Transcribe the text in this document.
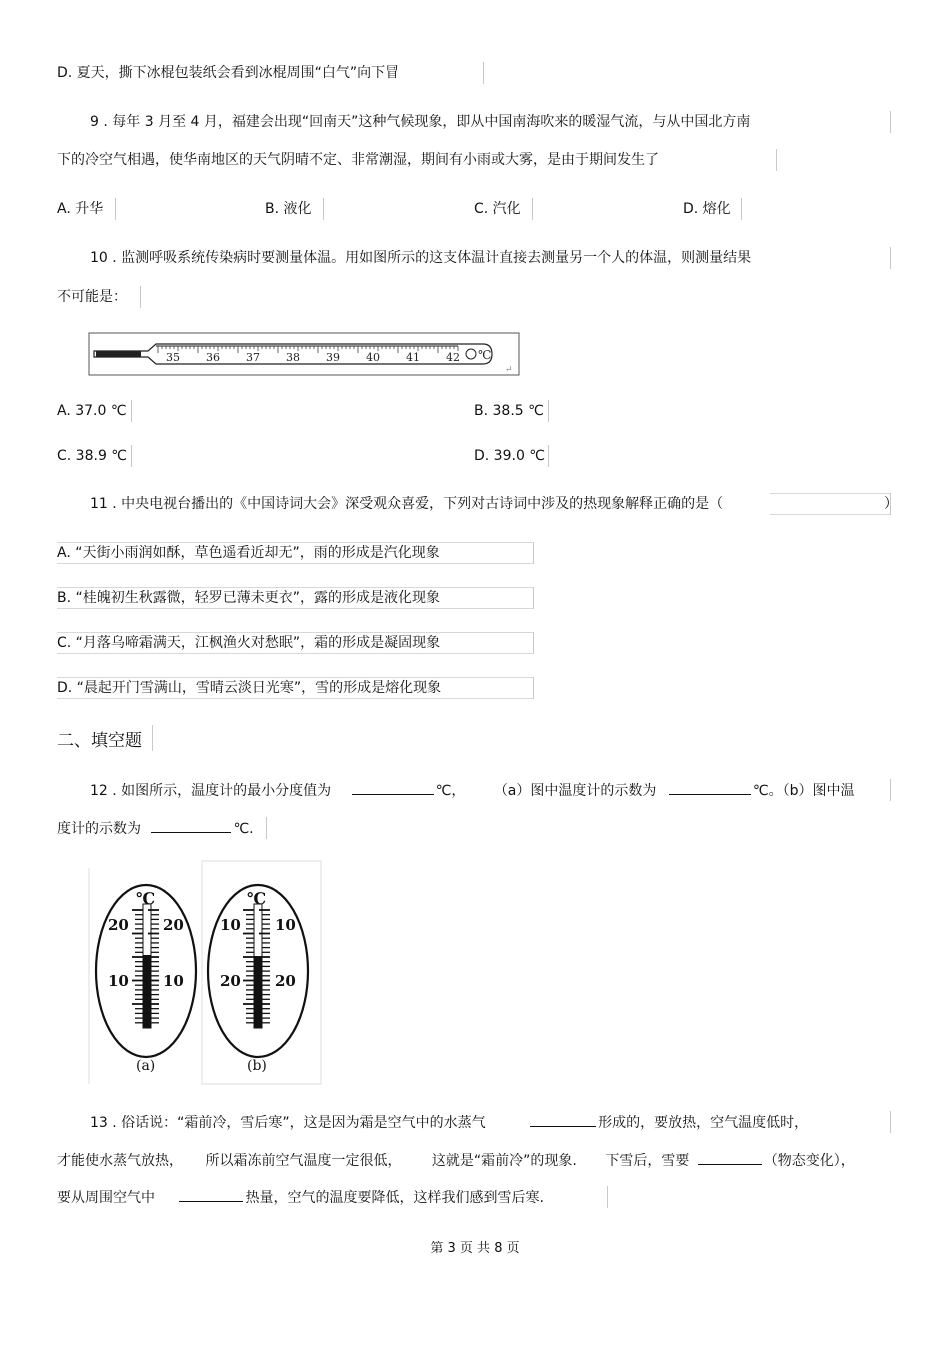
D. 夏天，撕下冰棍包装纸会看到冰棍周围“白气”向下冒
9 . 每年 3 月至 4 月，福建会出现“回南天”这种气候现象，即从中国南海吹来的暖湿气流，与从中国北方南
下的冷空气相遇，使华南地区的天气阴晴不定、非常潮湿，期间有小雨或大雾，是由于期间发生了
A. 升华	B. 液化	C. 汽化	D. 熔化
10 . 监测呼吸系统传染病时要测量体温。用如图所示的这支体温计直接去测量另一个人的体温，则测量结果
不可能是：
35 36 37 38 39 40 41 42 ℃
↵
A. 37.0 ℃	B. 38.5 ℃
C. 38.9 ℃	D. 39.0 ℃
11 . 中央电视台播出的《中国诗词大会》深受观众喜爱，下列对古诗词中涉及的热现象解释正确的是（	）
A. “天街小雨润如酥，草色遥看近却无”，雨的形成是汽化现象
B. “桂魄初生秋露微，轻罗已薄未更衣”，露的形成是液化现象
C. “月落乌啼霜满天，江枫渔火对愁眠”，霜的形成是凝固现象
D. “晨起开门雪满山，雪晴云淡日光寒”，雪的形成是熔化现象
二、填空题
12 . 如图所示，温度计的最小分度值为	℃， （a）图中温度计的示数为	℃。（b）图中温
度计的示数为	℃.
℃
20 20
10 10
(a)
℃
10 10
20 20
(b)
13 . 俗话说：“霜前冷，雪后寒”，这是因为霜是空气中的水蒸气	形成的，要放热，空气温度低时，
才能使水蒸气放热， 所以霜冻前空气温度一定很低， 这就是“霜前冷”的现象. 下雪后，雪要	（物态变化），
要从周围空气中	热量，空气的温度要降低，这样我们感到雪后寒.
第 3 页 共 8 页
